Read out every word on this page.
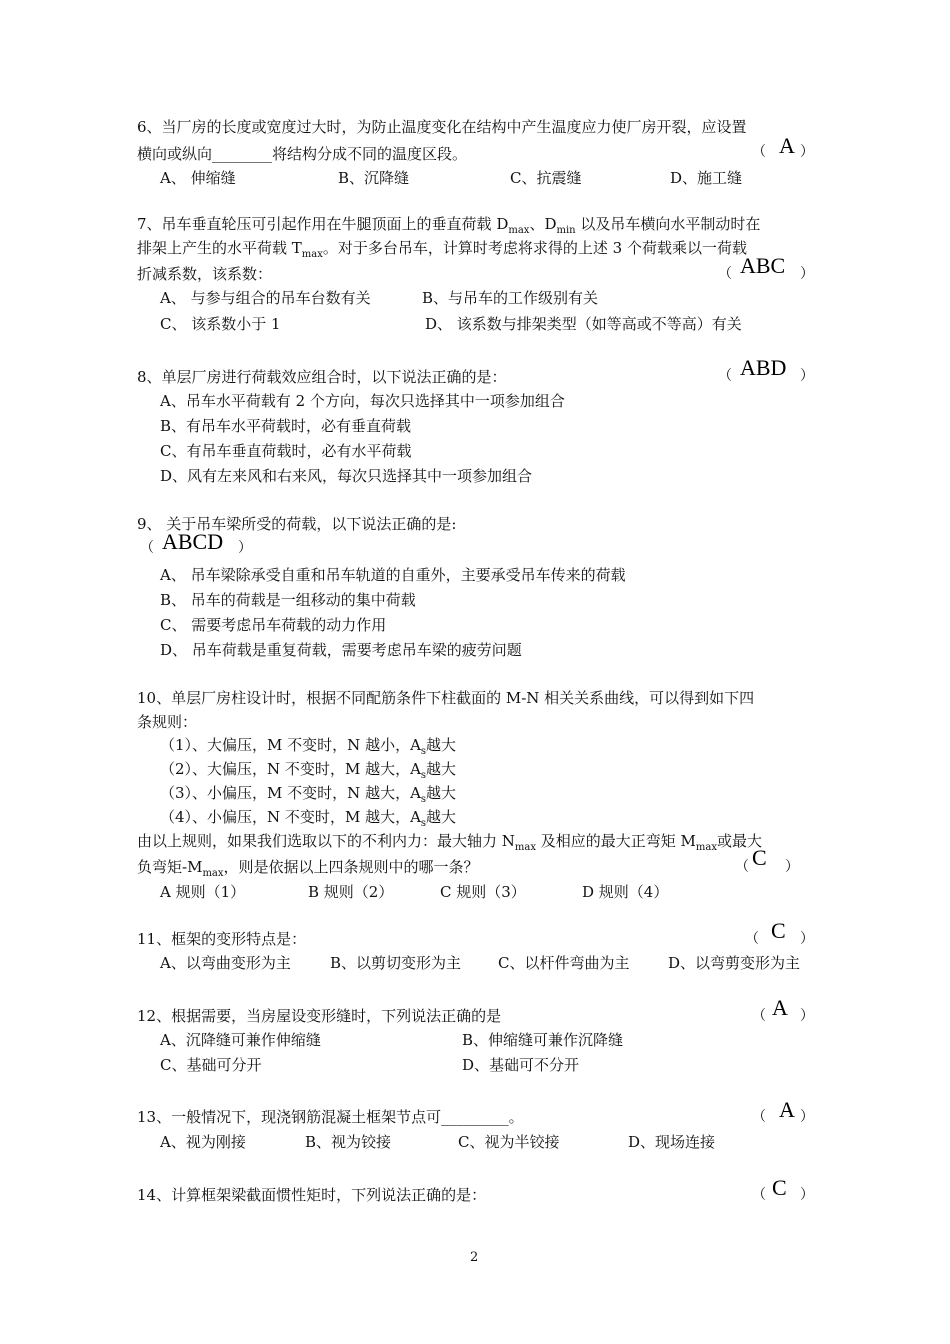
6、当厂房的长度或宽度过大时，为防止温度变化在结构中产生温度应力使厂房开裂，应设置
横向或纵向________将结构分成不同的温度区段。	（ A ）
A、 伸缩缝	B、沉降缝	C、抗震缝	D、施工缝
7、吊车垂直轮压可引起作用在牛腿顶面上的垂直荷载 $D_{max}$、$D_{min}$ 以及吊车横向水平制动时在
排架上产生的水平荷载 $T_{max}$。对于多台吊车，计算时考虑将求得的上述 3 个荷载乘以一荷载
折减系数，该系数：	（ ABC ）
A、 与参与组合的吊车台数有关	B、与吊车的工作级别有关
C、 该系数小于 1	D、 该系数与排架类型（如等高或不等高）有关
8、单层厂房进行荷载效应组合时，以下说法正确的是：	（ ABD ）
A、吊车水平荷载有 2 个方向，每次只选择其中一项参加组合
B、有吊车水平荷载时，必有垂直荷载
C、有吊车垂直荷载时，必有水平荷载
D、风有左来风和右来风，每次只选择其中一项参加组合
9、 关于吊车梁所受的荷载，以下说法正确的是:
（ ABCD ）
A、 吊车梁除承受自重和吊车轨道的自重外，主要承受吊车传来的荷载
B、 吊车的荷载是一组移动的集中荷载
C、 需要考虑吊车荷载的动力作用
D、 吊车荷载是重复荷载，需要考虑吊车梁的疲劳问题
10、单层厂房柱设计时，根据不同配筋条件下柱截面的 M-N 相关关系曲线，可以得到如下四
条规则：
（1）、大偏压，M 不变时，N 越小，$A_s$越大
（2）、大偏压，N 不变时，M 越大，$A_s$越大
（3）、小偏压，M 不变时，N 越大，$A_s$越大
（4）、小偏压，N 不变时，M 越大，$A_s$越大
由以上规则，如果我们选取以下的不利内力：最大轴力 $N_{max}$ 及相应的最大正弯矩 $M_{max}$或最大
负弯矩$-M_{max}$，则是依据以上四条规则中的哪一条？	（ C ）
A 规则（1）	B 规则（2）	C 规则（3）	D 规则（4）
11、框架的变形特点是：	（ C ）
A、以弯曲变形为主	B、以剪切变形为主 C、以杆件弯曲为主	D、以弯剪变形为主
12、根据需要，当房屋设变形缝时，下列说法正确的是	（ A ）
A、沉降缝可兼作伸缩缝	B、伸缩缝可兼作沉降缝
C、基础可分开	D、基础可不分开
13、一般情况下，现浇钢筋混凝土框架节点可_________。	（ A ）
A、视为刚接	B、视为铰接	C、视为半铰接	D、现场连接
14、计算框架梁截面惯性矩时，下列说法正确的是：	（ C ）
2
